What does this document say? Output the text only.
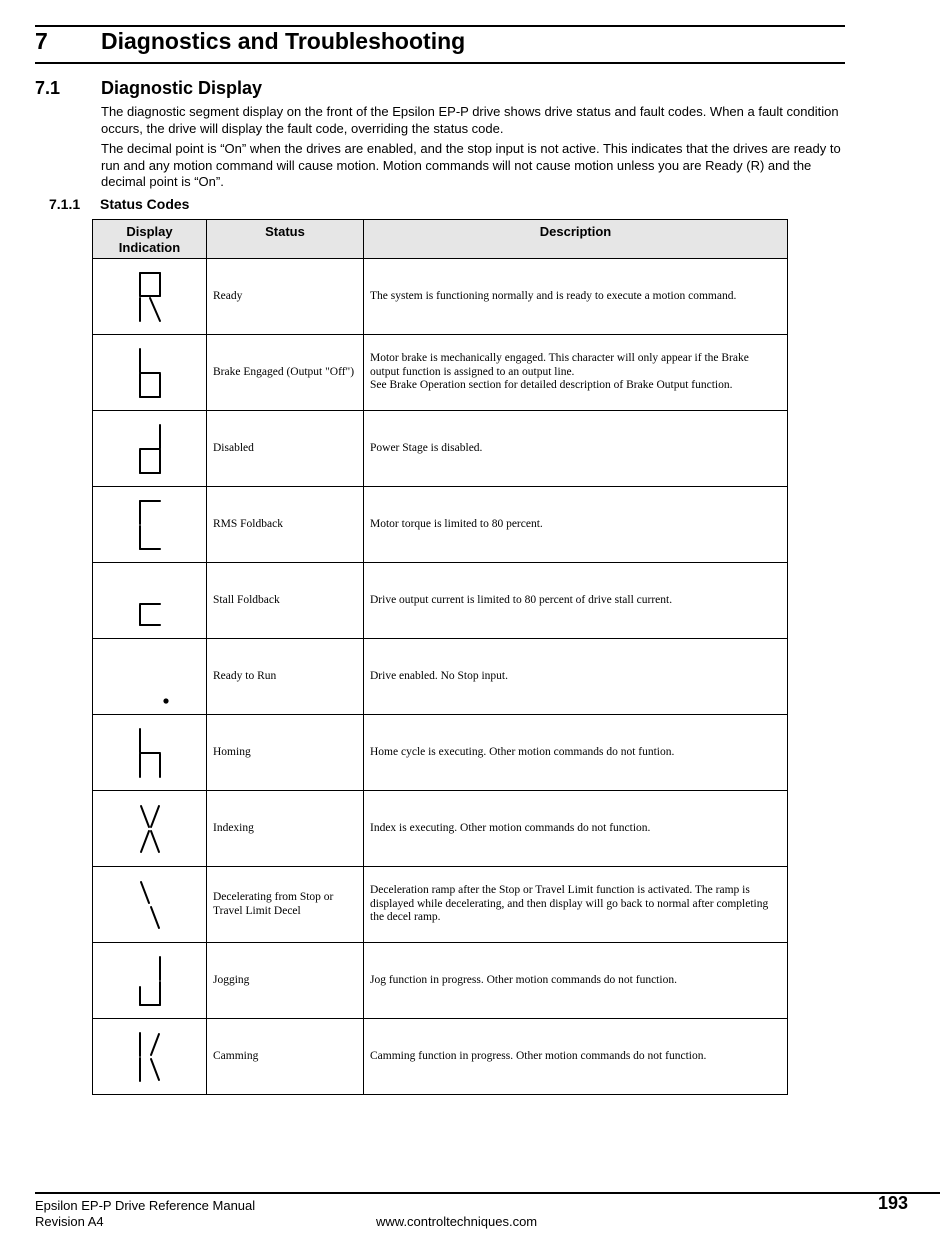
7 Diagnostics and Troubleshooting
7.1 Diagnostic Display
The diagnostic segment display on the front of the Epsilon EP-P drive shows drive status and fault codes. When a fault condition occurs, the drive will display the fault code, overriding the status code.
The decimal point is “On” when the drives are enabled, and the stop input is not active. This indicates that the drives are ready to run and any motion command will cause motion. Motion commands will not cause motion unless you are Ready (R) and the decimal point is “On”.
7.1.1 Status Codes
Display
Indication	Status	Description

	Ready	The system is functioning normally and is ready to execute a motion command.

	Brake Engaged (Output "Off")	Motor brake is mechanically engaged. This character will only appear if the Brake output function is assigned to an output line.
See Brake Operation section for detailed description of Brake Output function.

	Disabled	Power Stage is disabled.

	RMS Foldback	Motor torque is limited to 80 percent.

	Stall Foldback	Drive output current is limited to 80 percent of drive stall current.

	Ready to Run	Drive enabled. No Stop input.

	Homing	Home cycle is executing. Other motion commands do not funtion.

	Indexing	Index is executing. Other motion commands do not function.

	Decelerating from Stop or
Travel Limit Decel	Deceleration ramp after the Stop or Travel Limit function is activated. The ramp is displayed while decelerating, and then display will go back to normal after completing the decel ramp.

	Jogging	Jog function in progress. Other motion commands do not function.

	Camming	Camming function in progress. Other motion commands do not function.
Epsilon EP-P Drive Reference Manual
Revision A4	www.controltechniques.com
193
